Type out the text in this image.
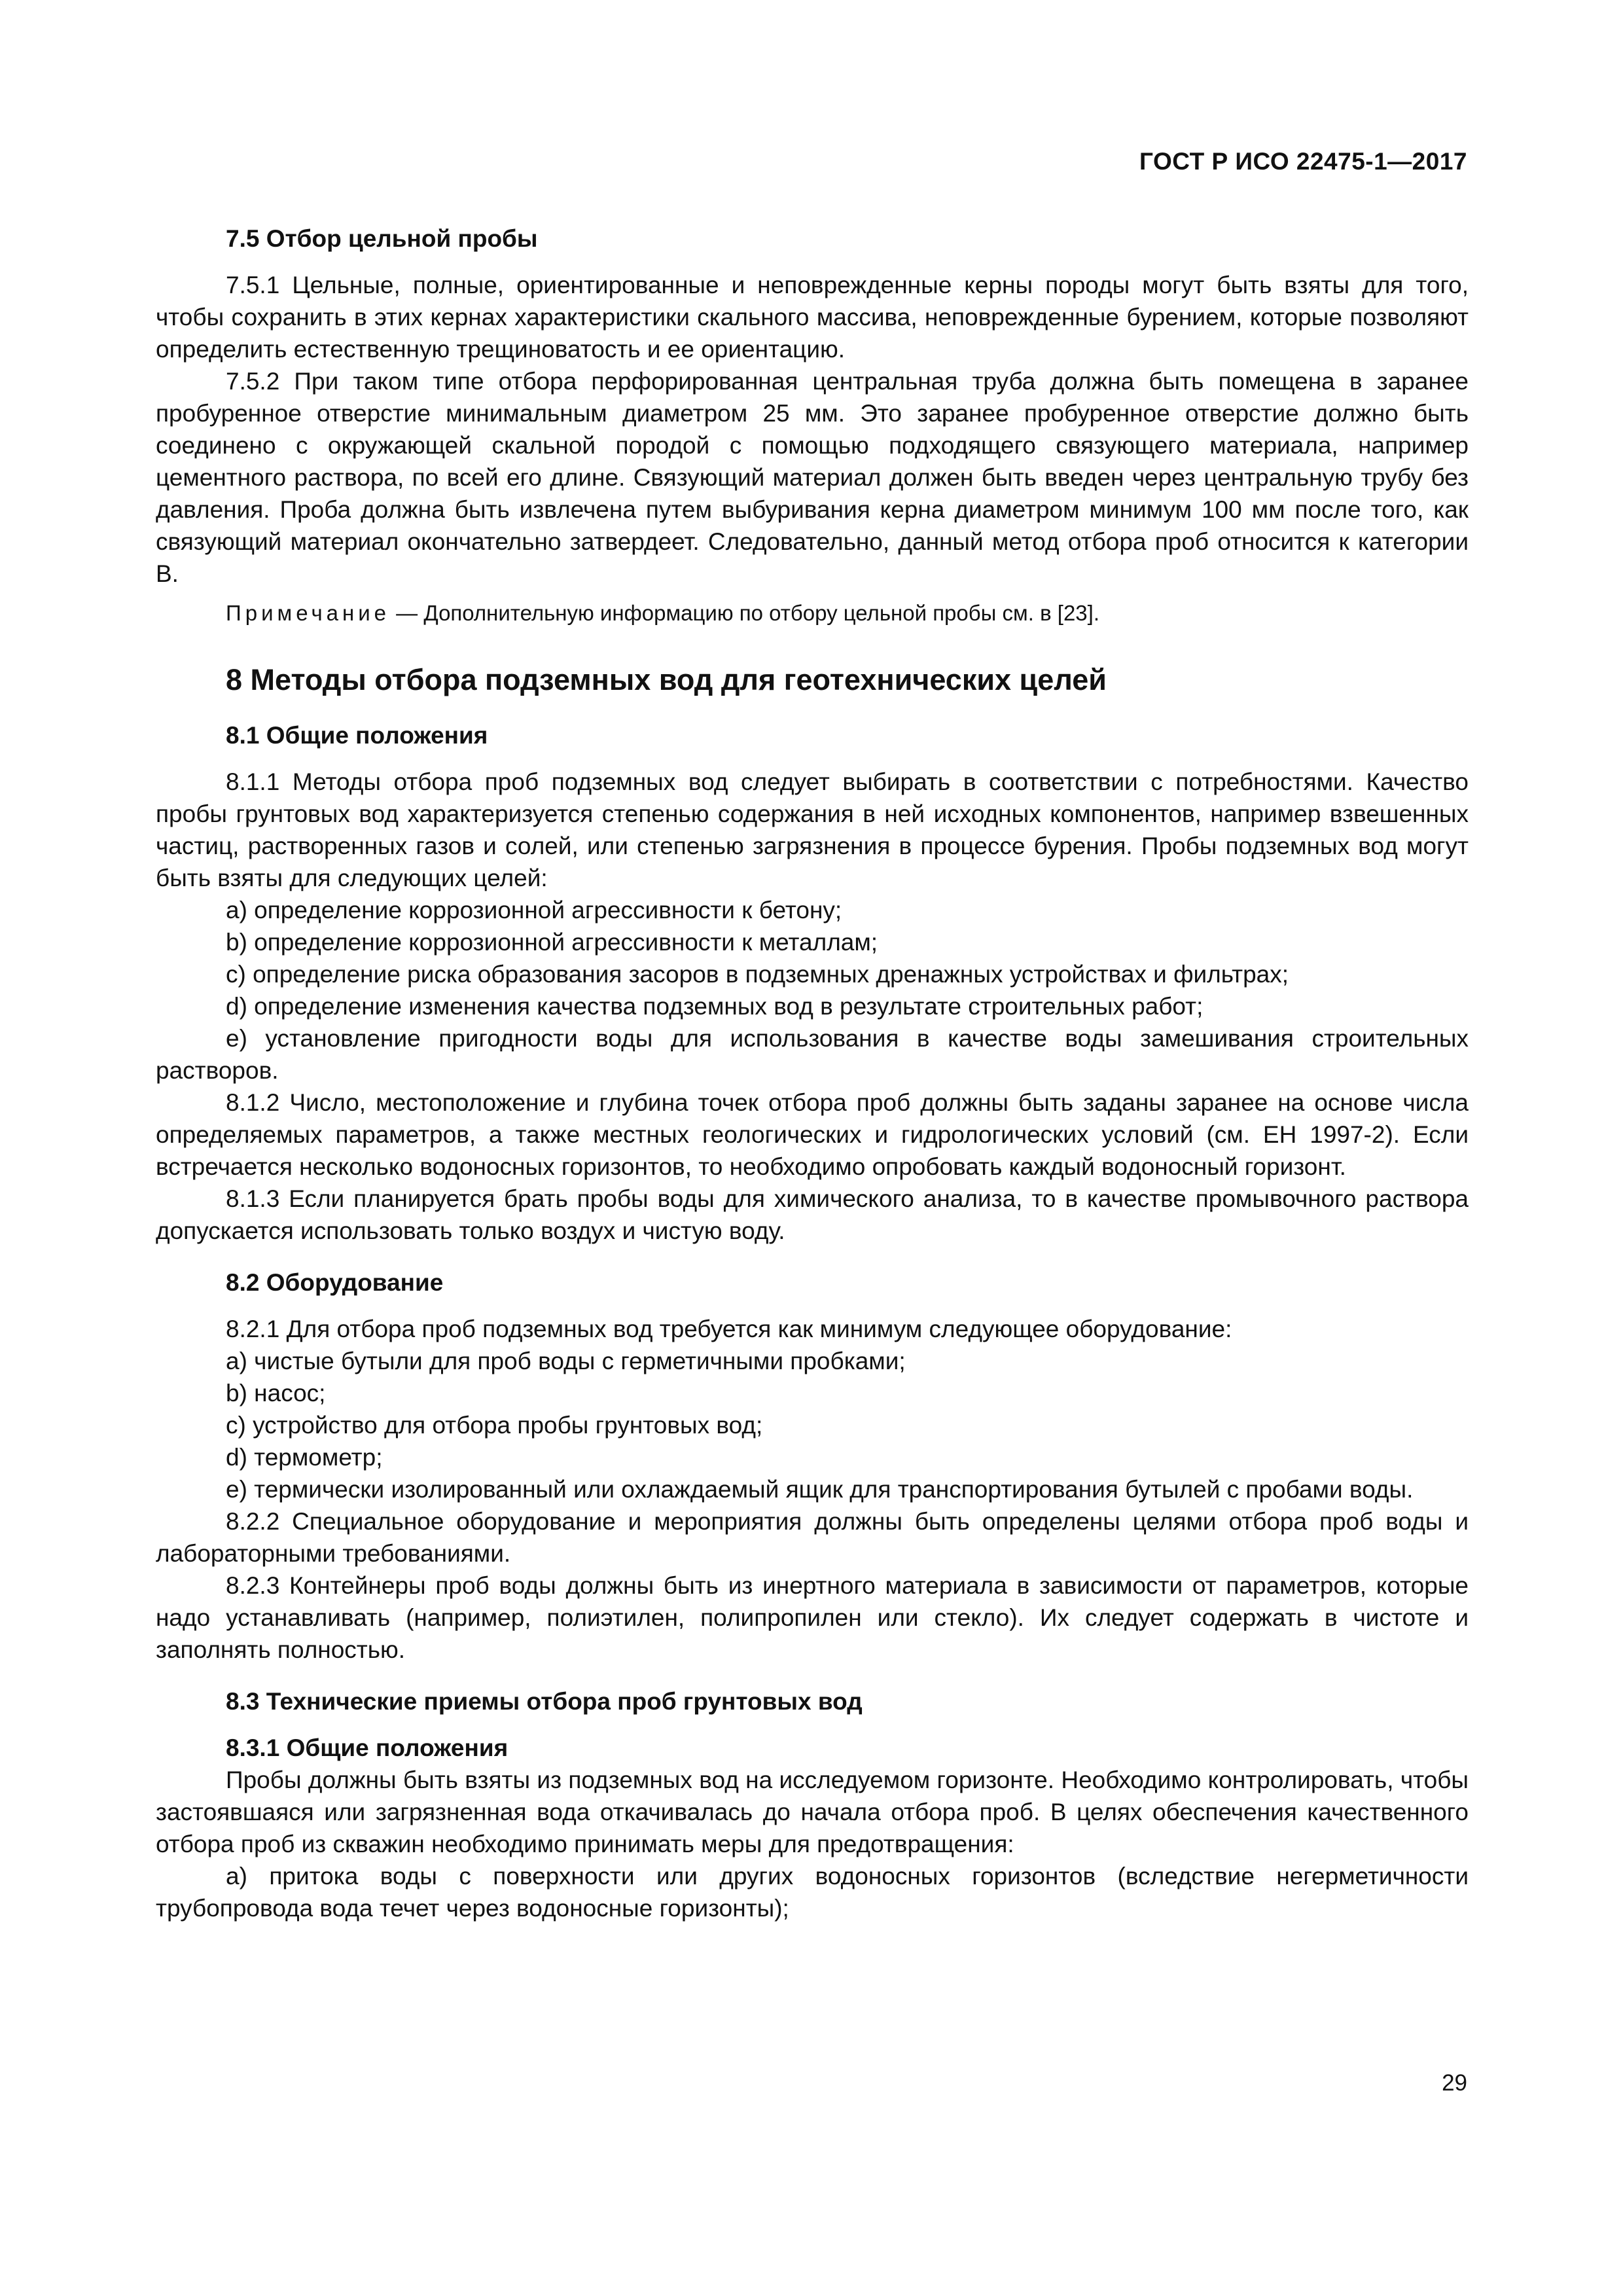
ГОСТ Р ИСО 22475-1—2017
7.5 Отбор цельной пробы

7.5.1 Цельные, полные, ориентированные и неповрежденные керны породы могут быть взяты для того, чтобы сохранить в этих кернах характеристики скального массива, неповрежденные бурением, которые позволяют определить естественную трещиноватость и ее ориентацию.

7.5.2 При таком типе отбора перфорированная центральная труба должна быть помещена в заранее пробуренное отверстие минимальным диаметром 25 мм. Это заранее пробуренное отверстие должно быть соединено с окружающей скальной породой с помощью подходящего связующего материала, например цементного раствора, по всей его длине. Связующий материал должен быть введен через центральную трубу без давления. Проба должна быть извлечена путем выбуривания керна диаметром минимум 100 мм после того, как связующий материал окончательно затвердеет. Следовательно, данный метод отбора проб относится к категории B.

Примечание — Дополнительную информацию по отбору цельной пробы см. в [23].

8 Методы отбора подземных вод для геотехнических целей
8.1 Общие положения

8.1.1 Методы отбора проб подземных вод следует выбирать в соответствии с потребностями. Качество пробы грунтовых вод характеризуется степенью содержания в ней исходных компонентов, например взвешенных частиц, растворенных газов и солей, или степенью загрязнения в процессе бурения. Пробы подземных вод могут быть взяты для следующих целей:

а) определение коррозионной агрессивности к бетону;

b) определение коррозионной агрессивности к металлам;

c) определение риска образования засоров в подземных дренажных устройствах и фильтрах;

d) определение изменения качества подземных вод в результате строительных работ;

e) установление пригодности воды для использования в качестве воды замешивания строительных растворов.

8.1.2 Число, местоположение и глубина точек отбора проб должны быть заданы заранее на основе числа определяемых параметров, а также местных геологических и гидрологических условий (см. ЕН 1997-2). Если встречается несколько водоносных горизонтов, то необходимо опробовать каждый водоносный горизонт.

8.1.3 Если планируется брать пробы воды для химического анализа, то в качестве промывочного раствора допускается использовать только воздух и чистую воду.

8.2 Оборудование

8.2.1 Для отбора проб подземных вод требуется как минимум следующее оборудование:

а) чистые бутыли для проб воды с герметичными пробками;

b) насос;

c) устройство для отбора пробы грунтовых вод;

d) термометр;

e) термически изолированный или охлаждаемый ящик для транспортирования бутылей с пробами воды.

8.2.2 Специальное оборудование и мероприятия должны быть определены целями отбора проб воды и лабораторными требованиями.

8.2.3 Контейнеры проб воды должны быть из инертного материала в зависимости от параметров, которые надо устанавливать (например, полиэтилен, полипропилен или стекло). Их следует содержать в чистоте и заполнять полностью.

8.3 Технические приемы отбора проб грунтовых вод
8.3.1 Общие положения

Пробы должны быть взяты из подземных вод на исследуемом горизонте. Необходимо контролировать, чтобы застоявшаяся или загрязненная вода откачивалась до начала отбора проб. В целях обеспечения качественного отбора проб из скважин необходимо принимать меры для предотвращения:

а) притока воды с поверхности или других водоносных горизонтов (вследствие негерметичности трубопровода вода течет через водоносные горизонты);

29
